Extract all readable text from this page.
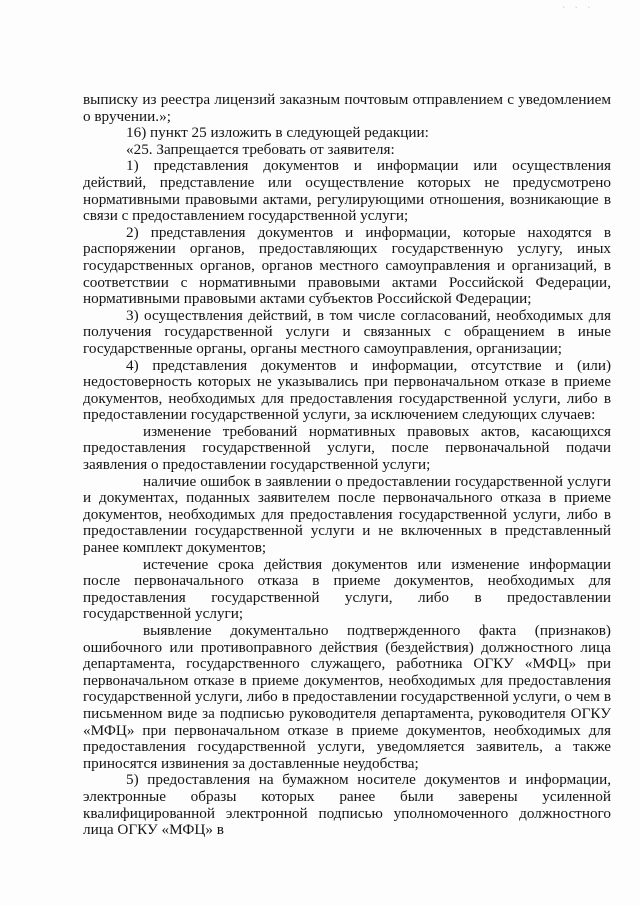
` ` `

выписку из реестра лицензий заказным почтовым отправлением с уведомлением о вручении.»;

16) пункт 25 изложить в следующей редакции:

«25. Запрещается требовать от заявителя:

1) представления документов и информации или осуществления действий, представление или осуществление которых не предусмотрено нормативными правовыми актами, регулирующими отношения, возникающие в связи с предоставлением государственной услуги;

2) представления документов и информации, которые находятся в распоряжении органов, предоставляющих государственную услугу, иных государственных органов, органов местного самоуправления и организаций, в соответствии с нормативными правовыми актами Российской Федерации, нормативными правовыми актами субъектов Российской Федерации;

3) осуществления действий, в том числе согласований, необходимых для получения государственной услуги и связанных с обращением в иные государственные органы, органы местного самоуправления, организации;

4) представления документов и информации, отсутствие и (или) недостоверность которых не указывались при первоначальном отказе в приеме документов, необходимых для предоставления государственной услуги, либо в предоставлении государственной услуги, за исключением следующих случаев:

изменение требований нормативных правовых актов, касающихся предоставления государственной услуги, после первоначальной подачи заявления о предоставлении государственной услуги;

наличие ошибок в заявлении о предоставлении государственной услуги и документах, поданных заявителем после первоначального отказа в приеме документов, необходимых для предоставления государственной услуги, либо в предоставлении государственной услуги и не включенных в представленный ранее комплект документов;

истечение срока действия документов или изменение информации после первоначального отказа в приеме документов, необходимых для предоставления государственной услуги, либо в предоставлении государственной услуги;

выявление документально подтвержденного факта (признаков) ошибочного или противоправного действия (бездействия) должностного лица департамента, государственного служащего, работника ОГКУ «МФЦ» при первоначальном отказе в приеме документов, необходимых для предоставления государственной услуги, либо в предоставлении государственной услуги, о чем в письменном виде за подписью руководителя департамента, руководителя ОГКУ «МФЦ» при первоначальном отказе в приеме документов, необходимых для предоставления государственной услуги, уведомляется заявитель, а также приносятся извинения за доставленные неудобства;

5) предоставления на бумажном носителе документов и информации, электронные образы которых ранее были заверены усиленной квалифицированной электронной подписью уполномоченного должностного лица ОГКУ «МФЦ» в
